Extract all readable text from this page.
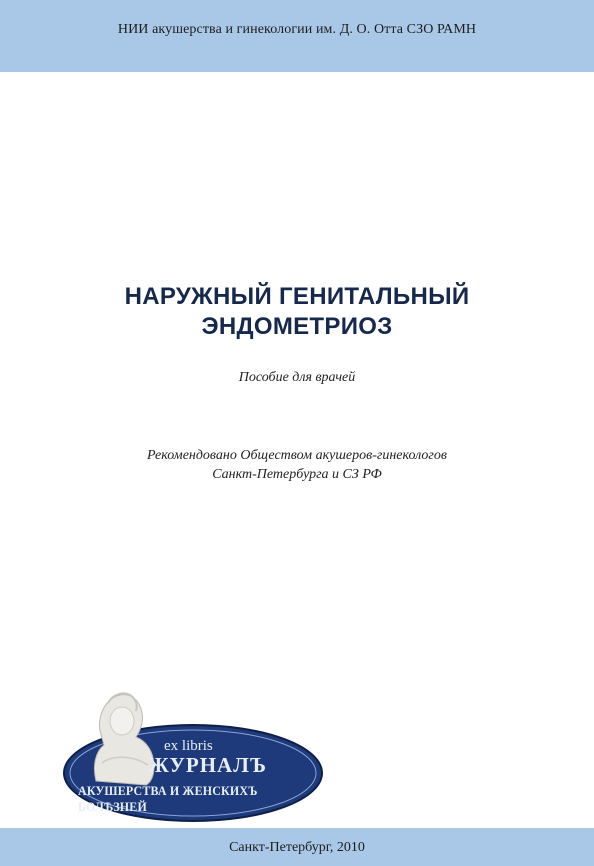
НИИ акушерства и гинекологии им. Д. О. Отта СЗО РАМН
НАРУЖНЫЙ ГЕНИТАЛЬНЫЙ
ЭНДОМЕТРИОЗ
Пособие для врачей
Рекомендовано Обществом акушеров-гинекологов
Санкт-Петербурга и СЗ РФ
ex libris
ЖУРНАЛЪ
АКУШЕРСТВА И ЖЕНСКИХЪ БОЛѢЗНЕЙ
Санкт-Петербург, 2010
